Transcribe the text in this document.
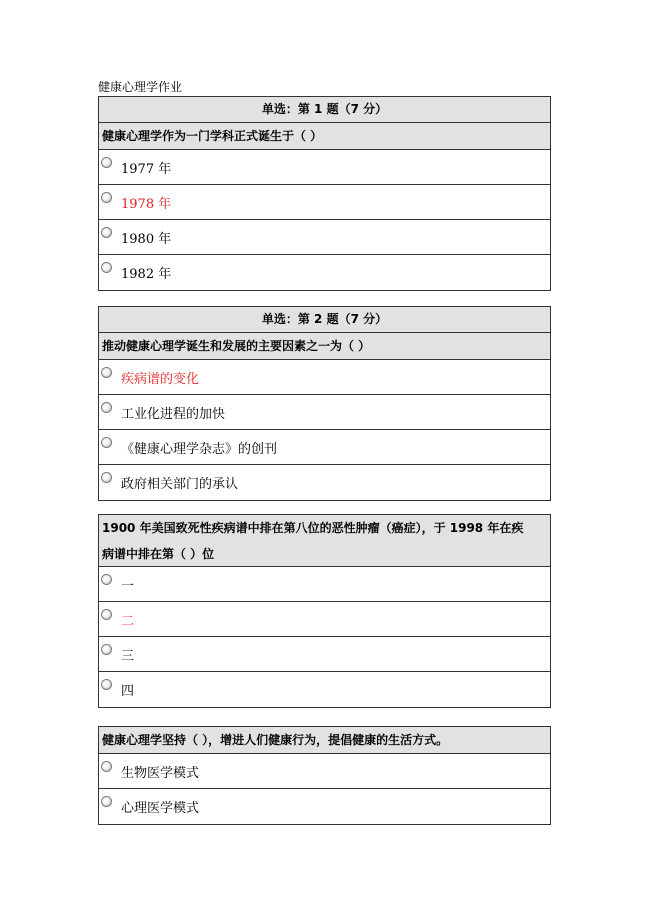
健康心理学作业
单选：第 1 题（7 分）
健康心理学作为一门学科正式诞生于（ ）
1977 年
1978 年
1980 年
1982 年
单选：第 2 题（7 分）
推动健康心理学诞生和发展的主要因素之一为（ ）
疾病谱的变化
工业化进程的加快
《健康心理学杂志》的创刊
政府相关部门的承认
1900 年美国致死性疾病谱中排在第八位的恶性肿瘤（癌症），于 1998 年在疾
病谱中排在第（ ）位
一
二
三
四
健康心理学坚持（ ），增进人们健康行为，提倡健康的生活方式。
生物医学模式
心理医学模式
